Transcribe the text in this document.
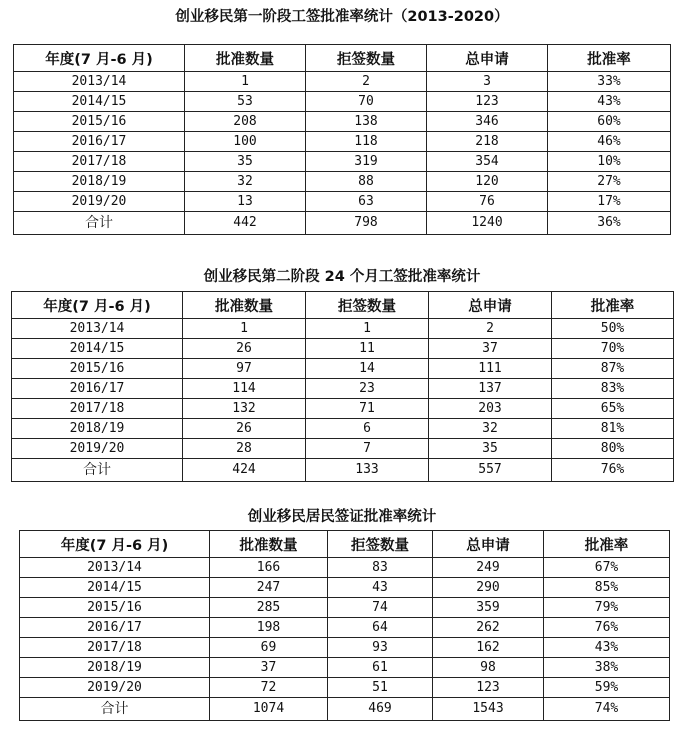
创业移民第一阶段工签批准率统计（2013-2020）
年度(7 月-6 月)	批准数量	拒签数量	总申请	批准率
2013/14	1	2	3	33%
2014/15	53	70	123	43%
2015/16	208	138	346	60%
2016/17	100	118	218	46%
2017/18	35	319	354	10%
2018/19	32	88	120	27%
2019/20	13	63	76	17%
合计	442	798	1240	36%
创业移民第二阶段 24 个月工签批准率统计
年度(7 月-6 月)	批准数量	拒签数量	总申请	批准率
2013/14	1	1	2	50%
2014/15	26	11	37	70%
2015/16	97	14	111	87%
2016/17	114	23	137	83%
2017/18	132	71	203	65%
2018/19	26	6	32	81%
2019/20	28	7	35	80%
合计	424	133	557	76%
创业移民居民签证批准率统计
年度(7 月-6 月)	批准数量	拒签数量	总申请	批准率
2013/14	166	83	249	67%
2014/15	247	43	290	85%
2015/16	285	74	359	79%
2016/17	198	64	262	76%
2017/18	69	93	162	43%
2018/19	37	61	98	38%
2019/20	72	51	123	59%
合计	1074	469	1543	74%
